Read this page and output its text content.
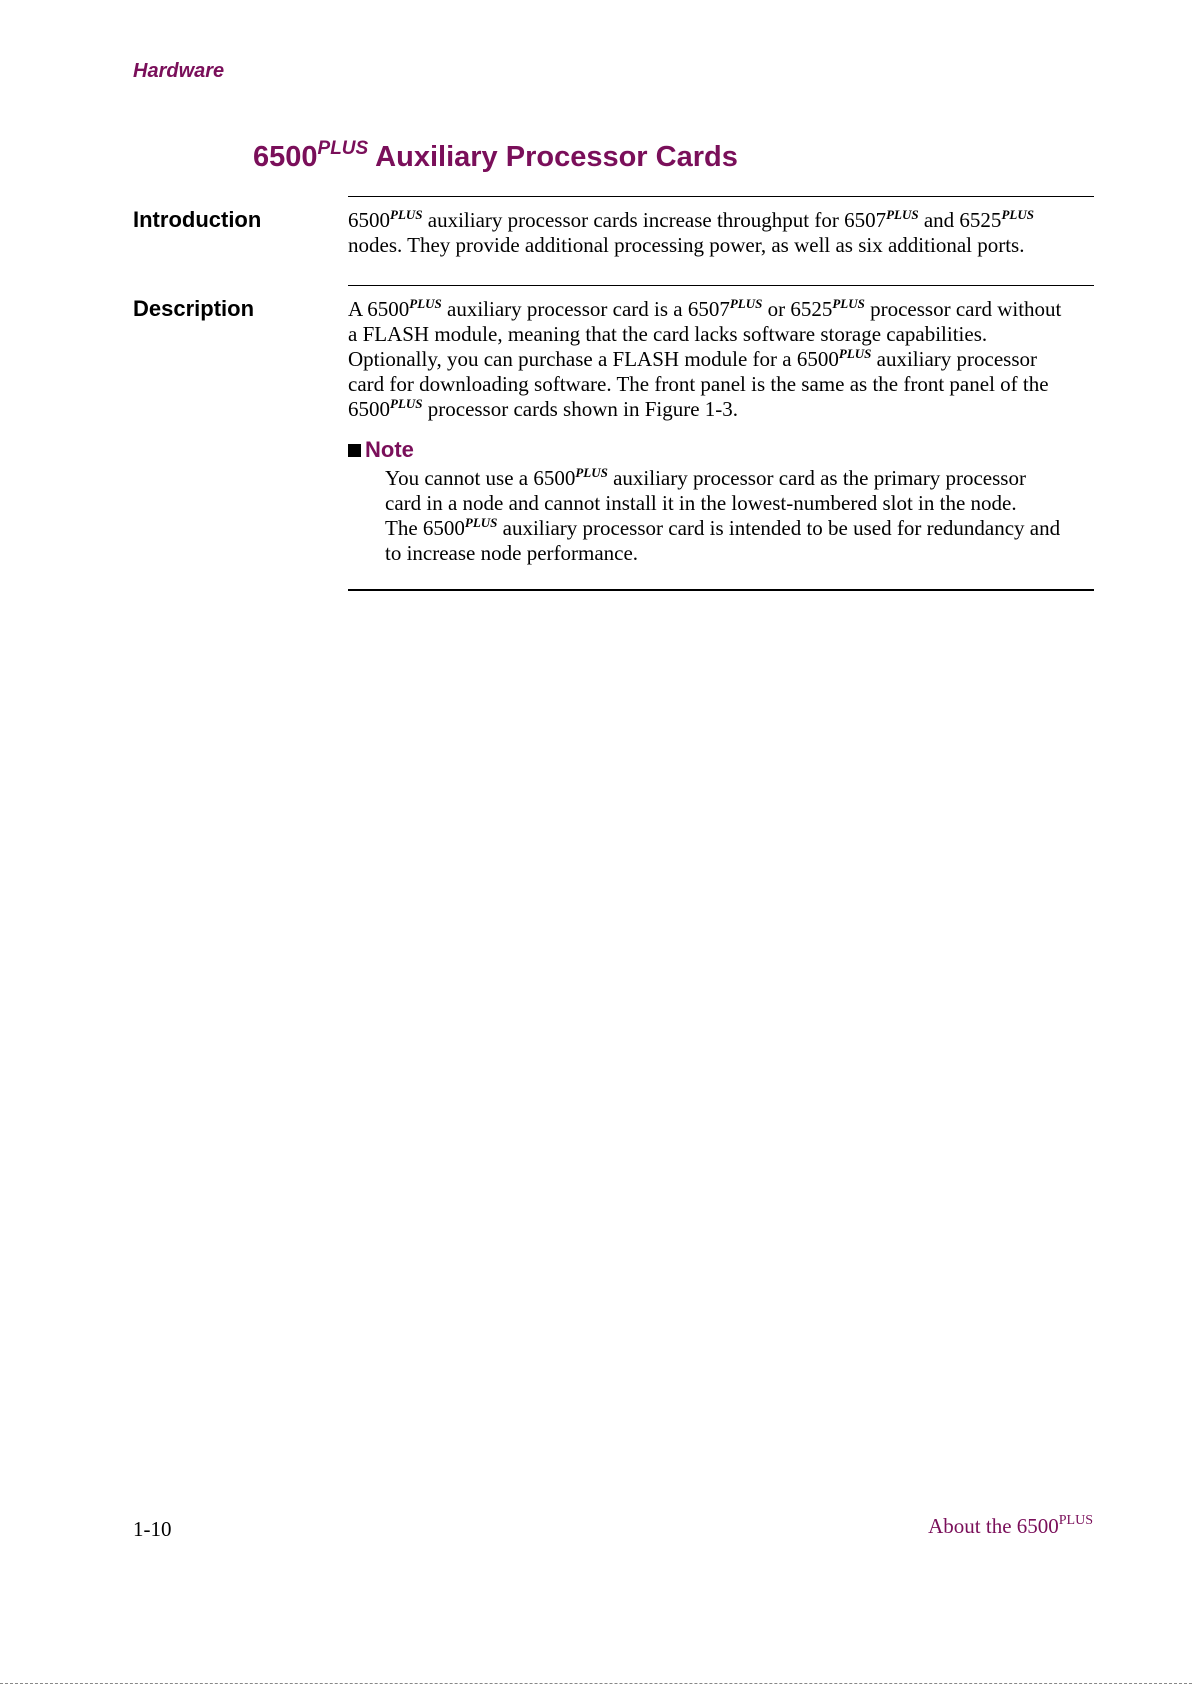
Hardware
$6500^{PLUS}$ Auxiliary Processor Cards
Introduction	$6500^{PLUS}$ auxiliary processor cards increase throughput for $6507^{PLUS}$ and $6525^{PLUS}$
nodes. They provide additional processing power, as well as six additional ports.
Description	A $6500^{PLUS}$ auxiliary processor card is a $6507^{PLUS}$ or $6525^{PLUS}$ processor card without
a FLASH module, meaning that the card lacks software storage capabilities.
Optionally, you can purchase a FLASH module for a $6500^{PLUS}$ auxiliary processor
card for downloading software. The front panel is the same as the front panel of the
$6500^{PLUS}$ processor cards shown in Figure 1-3.
Note
You cannot use a $6500^{PLUS}$ auxiliary processor card as the primary processor
card in a node and cannot install it in the lowest-numbered slot in the node.
The $6500^{PLUS}$ auxiliary processor card is intended to be used for redundancy and
to increase node performance.
1-10	About the $6500^{PLUS}$
